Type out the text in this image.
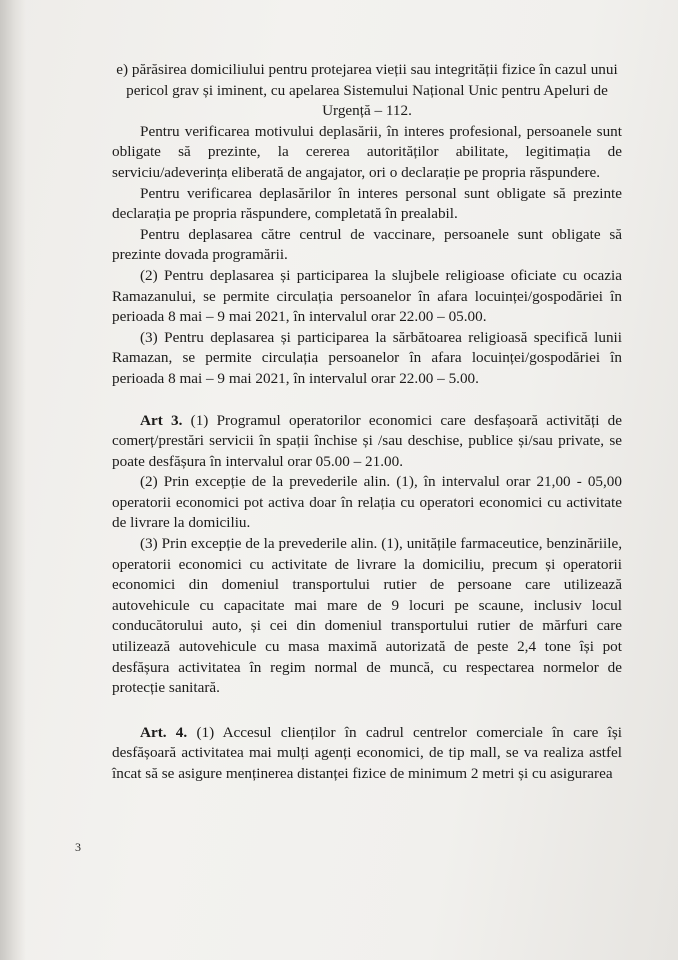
e) părăsirea domiciliului pentru protejarea vieții sau integrității fizice în cazul unui pericol grav și iminent, cu apelarea Sistemului Național Unic pentru Apeluri de Urgență – 112.

Pentru verificarea motivului deplasării, în interes profesional, persoanele sunt obligate să prezinte, la cererea autorităților abilitate, legitimația de serviciu/adeverința eliberată de angajator, ori o declarație pe propria răspundere.

Pentru verificarea deplasărilor în interes personal sunt obligate să prezinte declarația pe propria răspundere, completată în prealabil.

Pentru deplasarea către centrul de vaccinare, persoanele sunt obligate să prezinte dovada programării.

(2) Pentru deplasarea și participarea la slujbele religioase oficiate cu ocazia Ramazanului, se permite circulația persoanelor în afara locuinței/gospodăriei în perioada 8 mai – 9 mai 2021, în intervalul orar 22.00 – 05.00.

(3) Pentru deplasarea și participarea la sărbătoarea religioasă specifică lunii Ramazan, se permite circulația persoanelor în afara locuinței/gospodăriei în perioada 8 mai – 9 mai 2021, în intervalul orar 22.00 – 5.00.

Art 3. (1) Programul operatorilor economici care desfașoară activități de comerț/prestări servicii în spații închise și /sau deschise, publice și/sau private, se poate desfășura în intervalul orar 05.00 – 21.00.

(2) Prin excepție de la prevederile alin. (1), în intervalul orar 21,00 - 05,00 operatorii economici pot activa doar în relația cu operatori economici cu activitate de livrare la domiciliu.

(3) Prin excepție de la prevederile alin. (1), unitățile farmaceutice, benzinăriile, operatorii economici cu activitate de livrare la domiciliu, precum și operatorii economici din domeniul transportului rutier de persoane care utilizează autovehicule cu capacitate mai mare de 9 locuri pe scaune, inclusiv locul conducătorului auto, și cei din domeniul transportului rutier de mărfuri care utilizează autovehicule cu masa maximă autorizată de peste 2,4 tone își pot desfășura activitatea în regim normal de muncă, cu respectarea normelor de protecție sanitară.

Art. 4. (1) Accesul clienților în cadrul centrelor comerciale în care își desfășoară activitatea mai mulți agenți economici, de tip mall, se va realiza astfel încat să se asigure menținerea distanței fizice de minimum 2 metri și cu asigurarea

3
